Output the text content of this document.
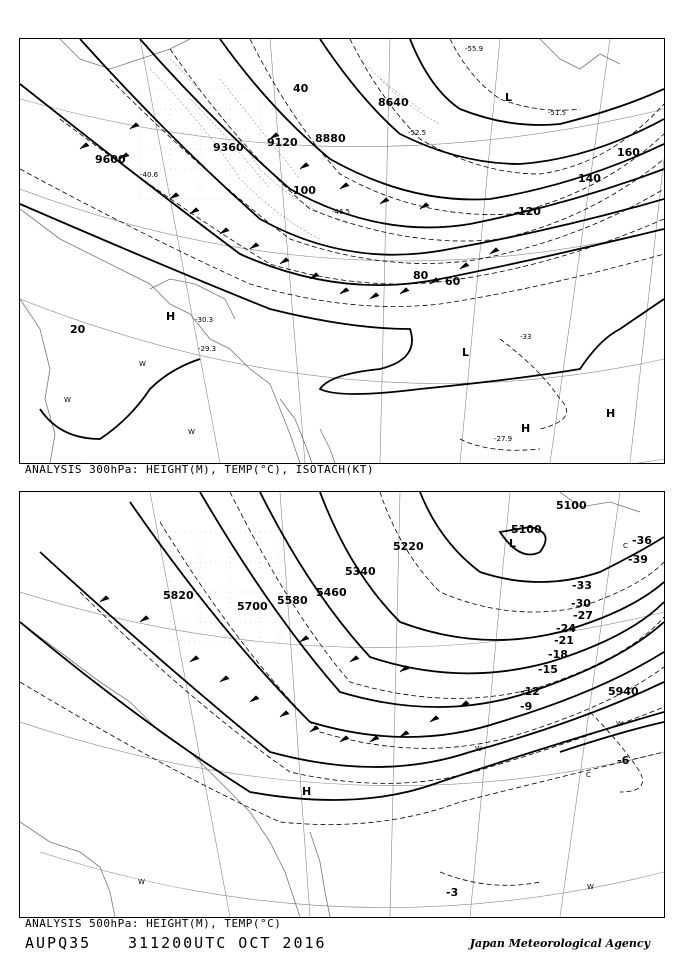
9600
9360 9120 8880
8640
20
40
60
80
100
120
140
160
-55.9
-52.5
-51.5
-46.5
-40.6
-33
-30.3
-29.3
-27.9
H
L
L
H
H
W
W
W
ANALYSIS 300hPa: HEIGHT(M), TEMP(°C), ISOTACH(KT)
5820
5700 5580
5460
5340
5220
5100
5100
5940
-39
-36
-33
-30
-27
-24
-21
-18
-15
-12
-9
-6
-3
L
H
W
W
W
W
C
C
ANALYSIS 500hPa: HEIGHT(M), TEMP(°C)
AUPQ35 311200UTC OCT 2016	Japan Meteorological Agency
